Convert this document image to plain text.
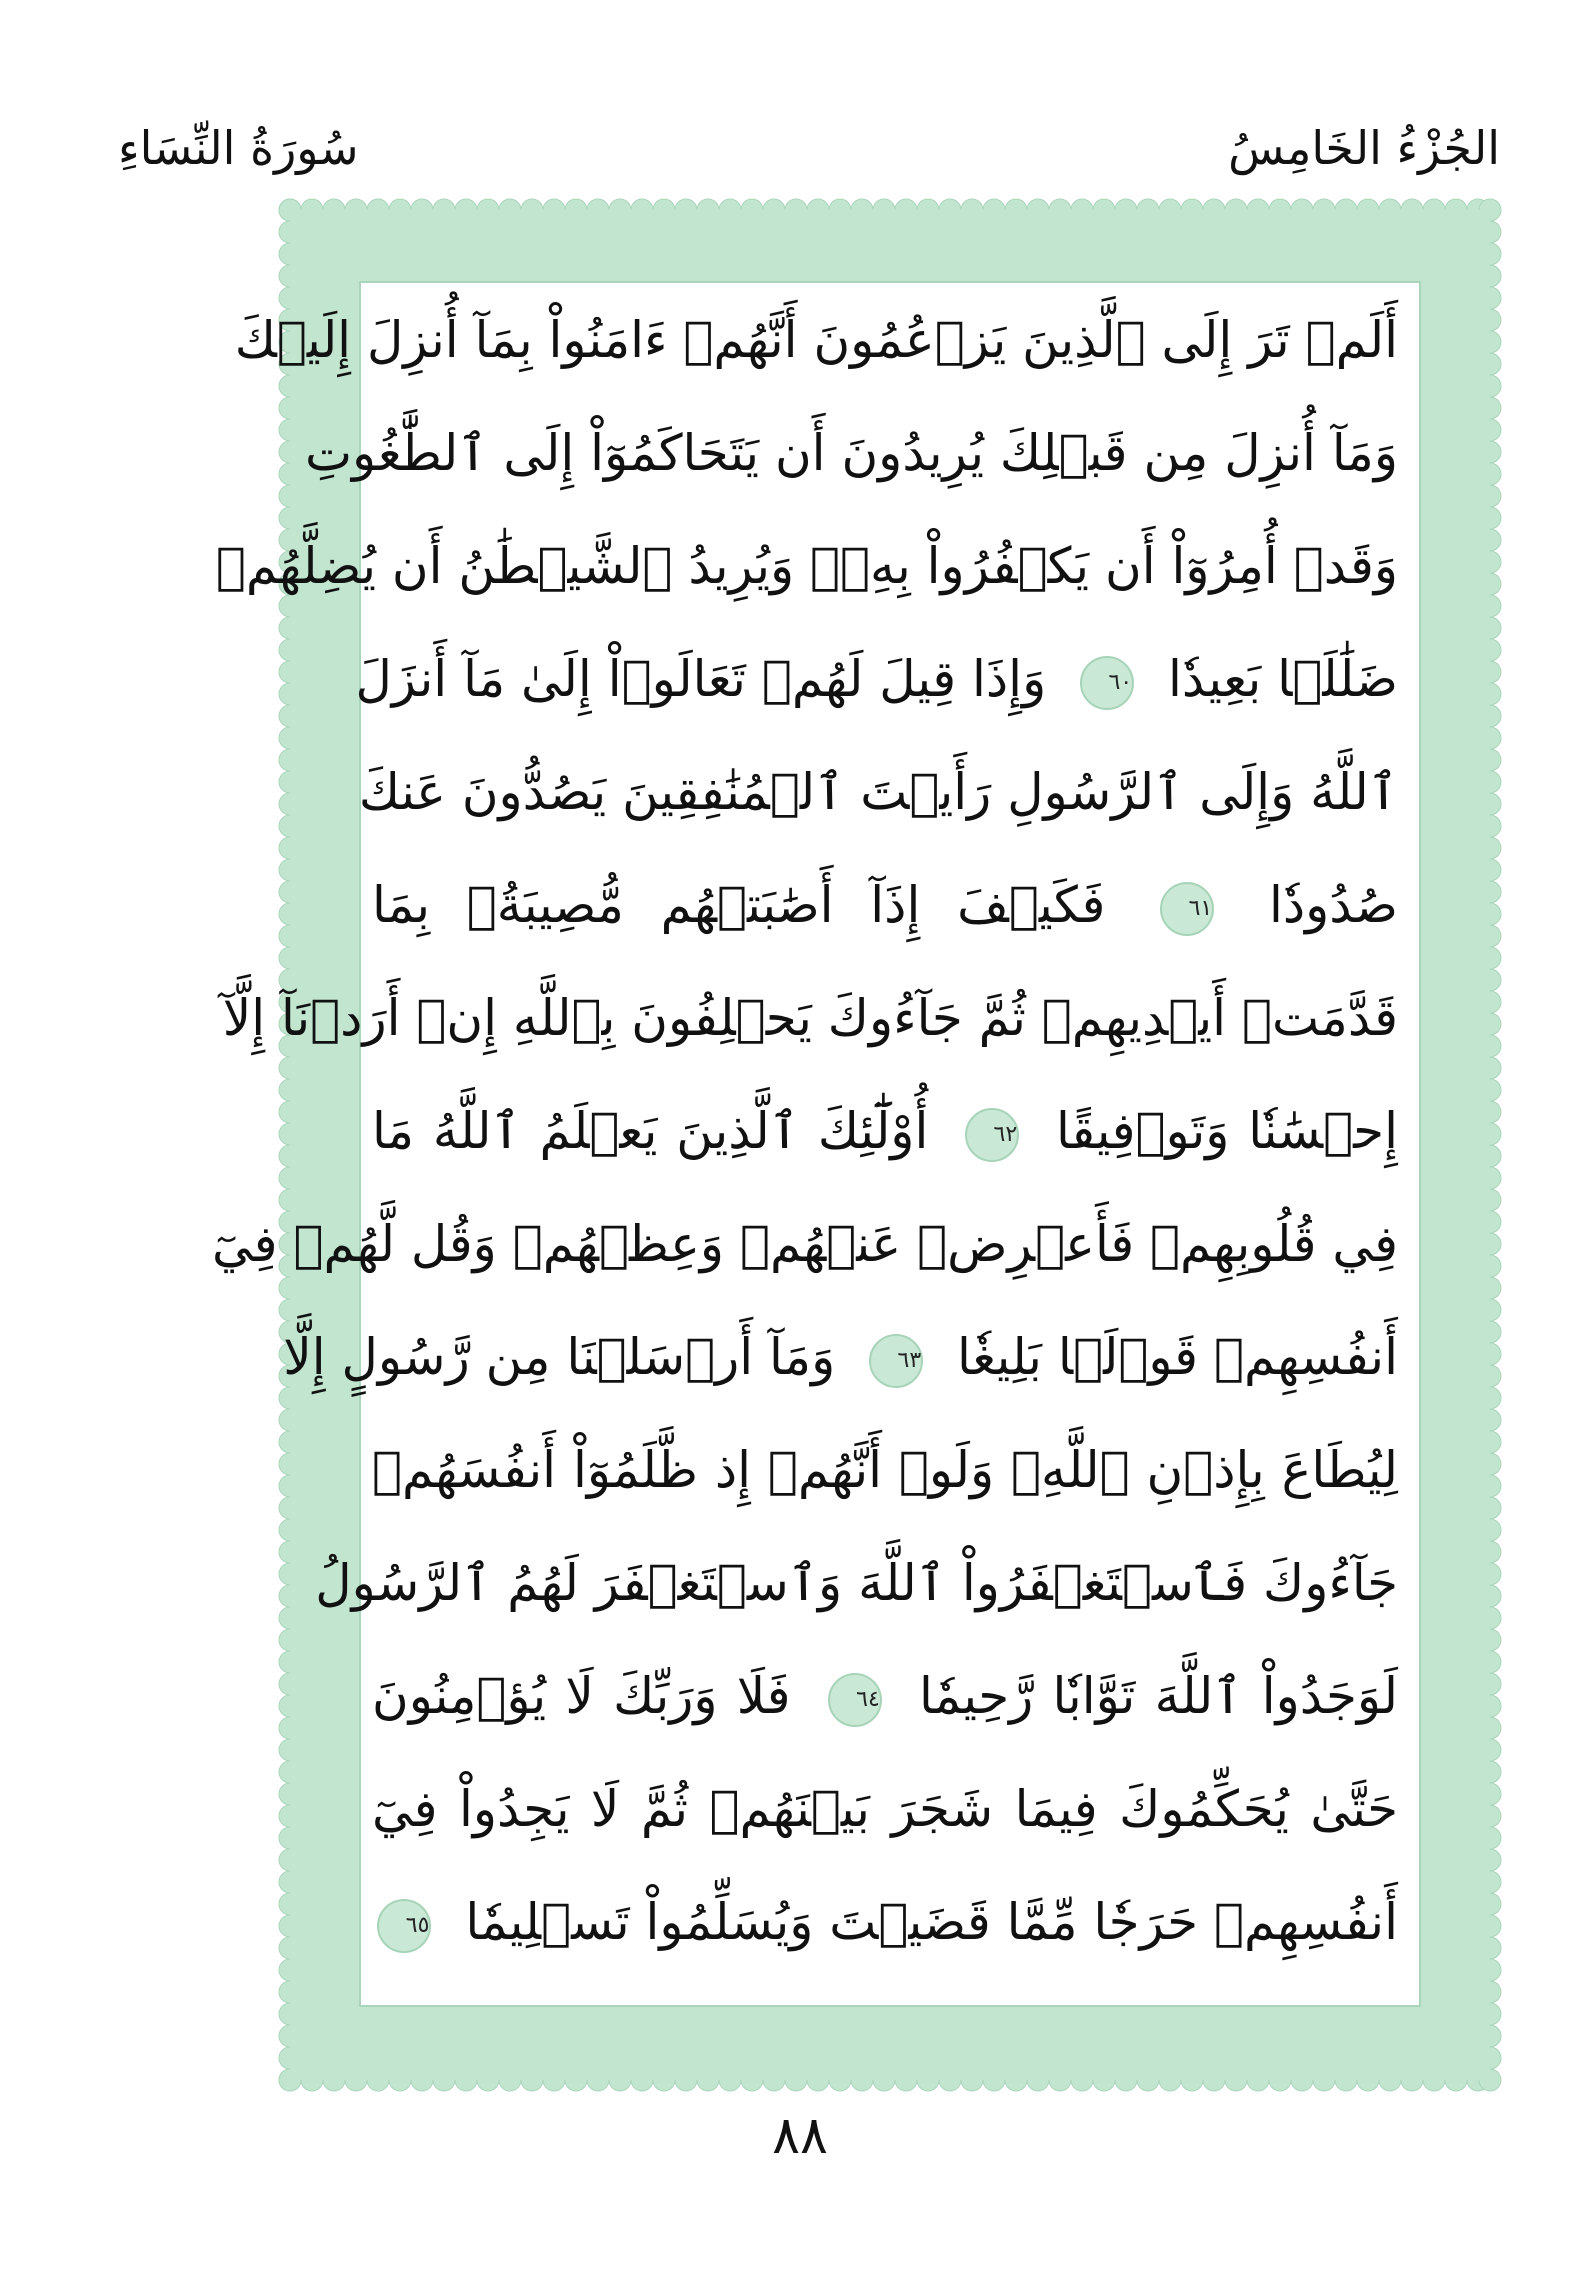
الجُزْءُ الخَامِسُ
سُورَةُ النِّسَاءِ
أَلَمۡ تَرَ إِلَى ٱلَّذِينَ يَزۡعُمُونَ أَنَّهُمۡ ءَامَنُواْ بِمَآ أُنزِلَ إِلَيۡكَ
وَمَآ أُنزِلَ مِن قَبۡلِكَ يُرِيدُونَ أَن يَتَحَاكَمُوٓاْ إِلَى ٱلطَّٰغُوتِ
وَقَدۡ أُمِرُوٓاْ أَن يَكۡفُرُواْ بِهِۦۖ وَيُرِيدُ ٱلشَّيۡطَٰنُ أَن يُضِلَّهُمۡ
ضَلَٰلَۢا بَعِيدٗا ٦٠ وَإِذَا قِيلَ لَهُمۡ تَعَالَوۡاْ إِلَىٰ مَآ أَنزَلَ
ٱللَّهُ وَإِلَى ٱلرَّسُولِ رَأَيۡتَ ٱلۡمُنَٰفِقِينَ يَصُدُّونَ عَنكَ
صُدُودٗا ٦١ فَكَيۡفَ إِذَآ أَصَٰبَتۡهُم مُّصِيبَةُۢ بِمَا
قَدَّمَتۡ أَيۡدِيهِمۡ ثُمَّ جَآءُوكَ يَحۡلِفُونَ بِٱللَّهِ إِنۡ أَرَدۡنَآ إِلَّآ
إِحۡسَٰنٗا وَتَوۡفِيقًا ٦٢ أُوْلَٰٓئِكَ ٱلَّذِينَ يَعۡلَمُ ٱللَّهُ مَا
فِي قُلُوبِهِمۡ فَأَعۡرِضۡ عَنۡهُمۡ وَعِظۡهُمۡ وَقُل لَّهُمۡ فِيٓ
أَنفُسِهِمۡ قَوۡلَۢا بَلِيغٗا ٦٣ وَمَآ أَرۡسَلۡنَا مِن رَّسُولٍ إِلَّا
لِيُطَاعَ بِإِذۡنِ ٱللَّهِۚ وَلَوۡ أَنَّهُمۡ إِذ ظَّلَمُوٓاْ أَنفُسَهُمۡ
جَآءُوكَ فَٱسۡتَغۡفَرُواْ ٱللَّهَ وَٱسۡتَغۡفَرَ لَهُمُ ٱلرَّسُولُ
لَوَجَدُواْ ٱللَّهَ تَوَّابٗا رَّحِيمٗا ٦٤ فَلَا وَرَبِّكَ لَا يُؤۡمِنُونَ
حَتَّىٰ يُحَكِّمُوكَ فِيمَا شَجَرَ بَيۡنَهُمۡ ثُمَّ لَا يَجِدُواْ فِيٓ
أَنفُسِهِمۡ حَرَجٗا مِّمَّا قَضَيۡتَ وَيُسَلِّمُواْ تَسۡلِيمٗا ٦٥
٨٨
